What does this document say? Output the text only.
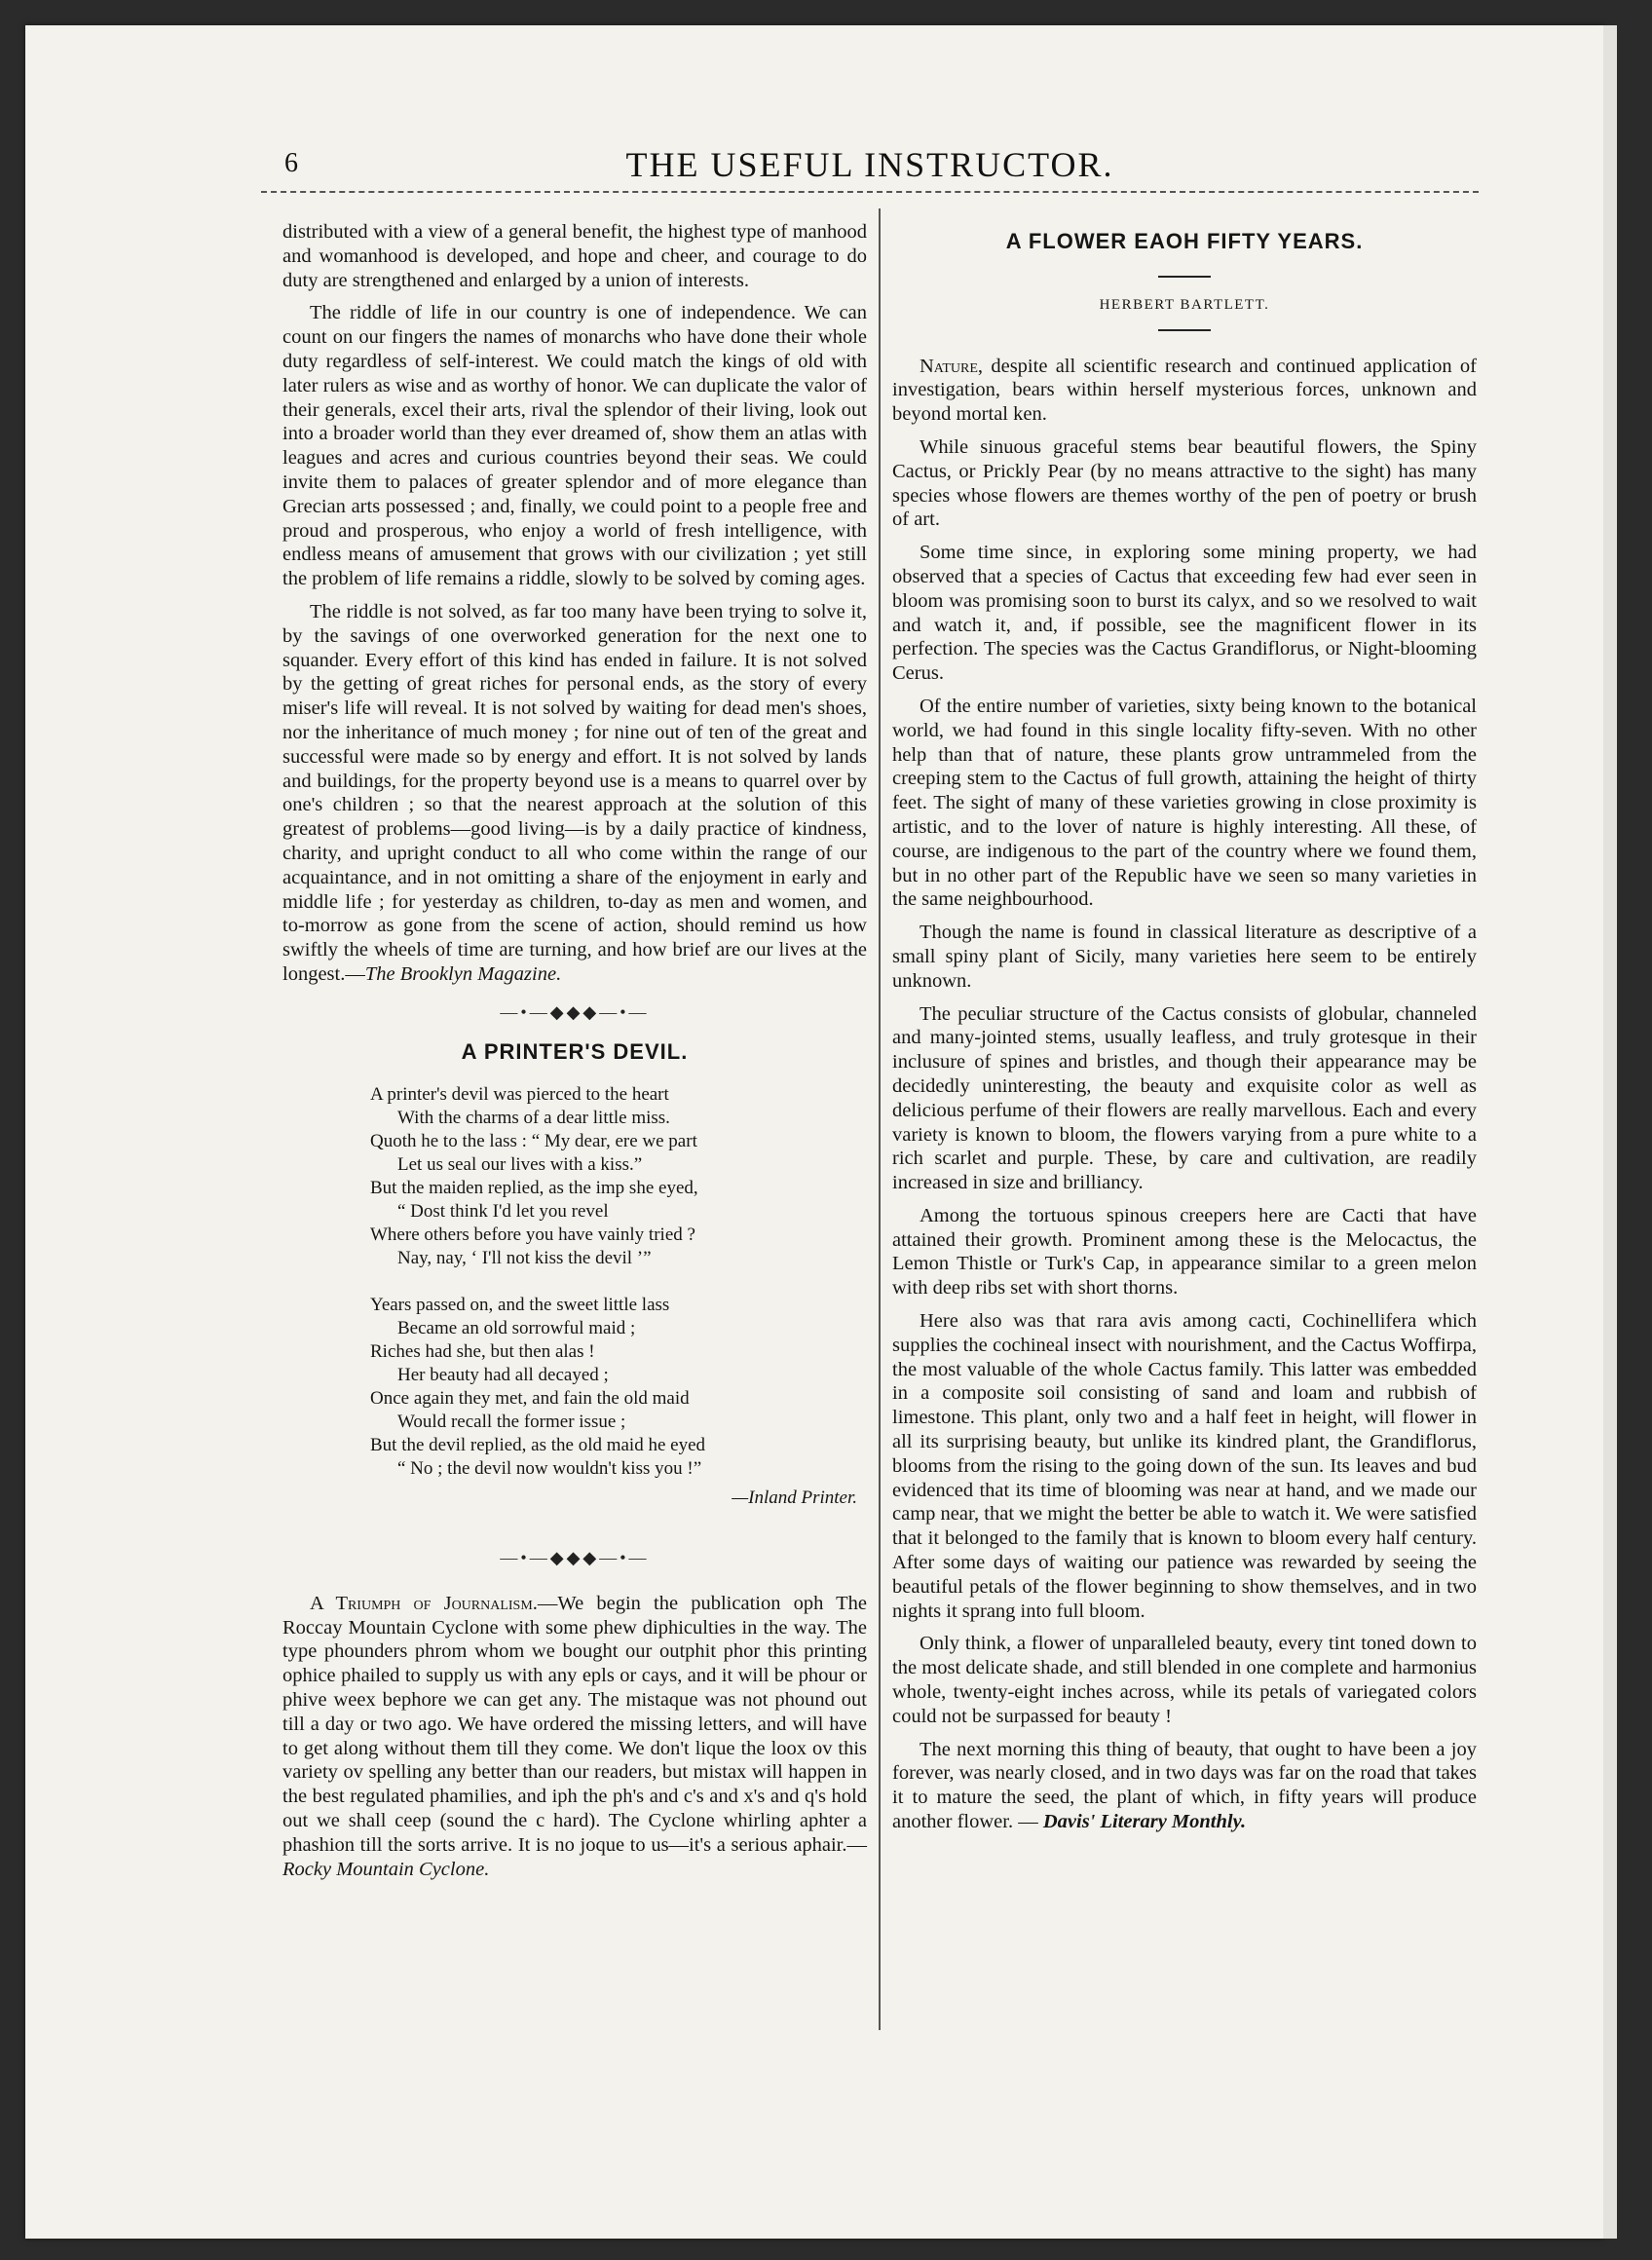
6	THE USEFUL INSTRUCTOR.

distributed with a view of a general benefit, the highest type of manhood and womanhood is developed, and hope and cheer, and courage to do duty are strengthened and enlarged by a union of interests.

The riddle of life in our country is one of independence. We can count on our fingers the names of monarchs who have done their whole duty regardless of self-interest. We could match the kings of old with later rulers as wise and as worthy of honor. We can duplicate the valor of their generals, excel their arts, rival the splendor of their living, look out into a broader world than they ever dreamed of, show them an atlas with leagues and acres and curious countries beyond their seas. We could invite them to palaces of greater splendor and of more elegance than Grecian arts possessed ; and, finally, we could point to a people free and proud and prosperous, who enjoy a world of fresh intelligence, with endless means of amusement that grows with our civilization ; yet still the problem of life remains a riddle, slowly to be solved by coming ages.

The riddle is not solved, as far too many have been trying to solve it, by the savings of one overworked generation for the next one to squander. Every effort of this kind has ended in failure. It is not solved by the getting of great riches for personal ends, as the story of every miser's life will reveal. It is not solved by waiting for dead men's shoes, nor the inheritance of much money ; for nine out of ten of the great and successful were made so by energy and effort. It is not solved by lands and buildings, for the property beyond use is a means to quarrel over by one's children ; so that the nearest approach at the solution of this greatest of problems—good living—is by a daily practice of kindness, charity, and upright conduct to all who come within the range of our acquaintance, and in not omitting a share of the enjoyment in early and middle life ; for yesterday as children, to-day as men and women, and to-morrow as gone from the scene of action, should remind us how swiftly the wheels of time are turning, and how brief are our lives at the longest.—The Brooklyn Magazine.

—•—◆◆◆—•—
A PRINTER'S DEVIL.
A printer's devil was pierced to the heart
With the charms of a dear little miss.
Quoth he to the lass : “ My dear, ere we part
Let us seal our lives with a kiss.”
But the maiden replied, as the imp she eyed,
“ Dost think I'd let you revel
Where others before you have vainly tried ?
Nay, nay, ‘ I'll not kiss the devil ’”
Years passed on, and the sweet little lass
Became an old sorrowful maid ;
Riches had she, but then alas !
Her beauty had all decayed ;
Once again they met, and fain the old maid
Would recall the former issue ;
But the devil replied, as the old maid he eyed
“ No ; the devil now wouldn't kiss you !”
—Inland Printer.
—•—◆◆◆—•—

A Triumph of Journalism.—We begin the publication oph The Roccay Mountain Cyclone with some phew diphiculties in the way. The type phounders phrom whom we bought our outphit phor this printing ophice phailed to supply us with any epls or cays, and it will be phour or phive weex bephore we can get any. The mistaque was not phound out till a day or two ago. We have ordered the missing letters, and will have to get along without them till they come. We don't lique the loox ov this variety ov spelling any better than our readers, but mistax will happen in the best regulated phamilies, and iph the ph's and c's and x's and q's hold out we shall ceep (sound the c hard). The Cyclone whirling aphter a phashion till the sorts arrive. It is no joque to us—it's a serious aphair.—Rocky Mountain Cyclone.

A FLOWER EAOH FIFTY YEARS.
HERBERT BARTLETT.

Nature, despite all scientific research and continued application of investigation, bears within herself mysterious forces, unknown and beyond mortal ken.

While sinuous graceful stems bear beautiful flowers, the Spiny Cactus, or Prickly Pear (by no means attractive to the sight) has many species whose flowers are themes worthy of the pen of poetry or brush of art.

Some time since, in exploring some mining property, we had observed that a species of Cactus that exceeding few had ever seen in bloom was promising soon to burst its calyx, and so we resolved to wait and watch it, and, if possible, see the magnificent flower in its perfection. The species was the Cactus Grandiflorus, or Night-blooming Cerus.

Of the entire number of varieties, sixty being known to the botanical world, we had found in this single locality fifty-seven. With no other help than that of nature, these plants grow untrammeled from the creeping stem to the Cactus of full growth, attaining the height of thirty feet. The sight of many of these varieties growing in close proximity is artistic, and to the lover of nature is highly interesting. All these, of course, are indigenous to the part of the country where we found them, but in no other part of the Republic have we seen so many varieties in the same neighbourhood.

Though the name is found in classical literature as descriptive of a small spiny plant of Sicily, many varieties here seem to be entirely unknown.

The peculiar structure of the Cactus consists of globular, channeled and many-jointed stems, usually leafless, and truly grotesque in their inclusure of spines and bristles, and though their appearance may be decidedly uninteresting, the beauty and exquisite color as well as delicious perfume of their flowers are really marvellous. Each and every variety is known to bloom, the flowers varying from a pure white to a rich scarlet and purple. These, by care and cultivation, are readily increased in size and brilliancy.

Among the tortuous spinous creepers here are Cacti that have attained their growth. Prominent among these is the Melocactus, the Lemon Thistle or Turk's Cap, in appearance similar to a green melon with deep ribs set with short thorns.

Here also was that rara avis among cacti, Cochinellifera which supplies the cochineal insect with nourishment, and the Cactus Woffirpa, the most valuable of the whole Cactus family. This latter was embedded in a composite soil consisting of sand and loam and rubbish of limestone. This plant, only two and a half feet in height, will flower in all its surprising beauty, but unlike its kindred plant, the Grandiflorus, blooms from the rising to the going down of the sun. Its leaves and bud evidenced that its time of blooming was near at hand, and we made our camp near, that we might the better be able to watch it. We were satisfied that it belonged to the family that is known to bloom every half century. After some days of waiting our patience was rewarded by seeing the beautiful petals of the flower beginning to show themselves, and in two nights it sprang into full bloom.

Only think, a flower of unparalleled beauty, every tint toned down to the most delicate shade, and still blended in one complete and harmonius whole, twenty-eight inches across, while its petals of variegated colors could not be surpassed for beauty !

The next morning this thing of beauty, that ought to have been a joy forever, was nearly closed, and in two days was far on the road that takes it to mature the seed, the plant of which, in fifty years will produce another flower. — Davis' Literary Monthly.
